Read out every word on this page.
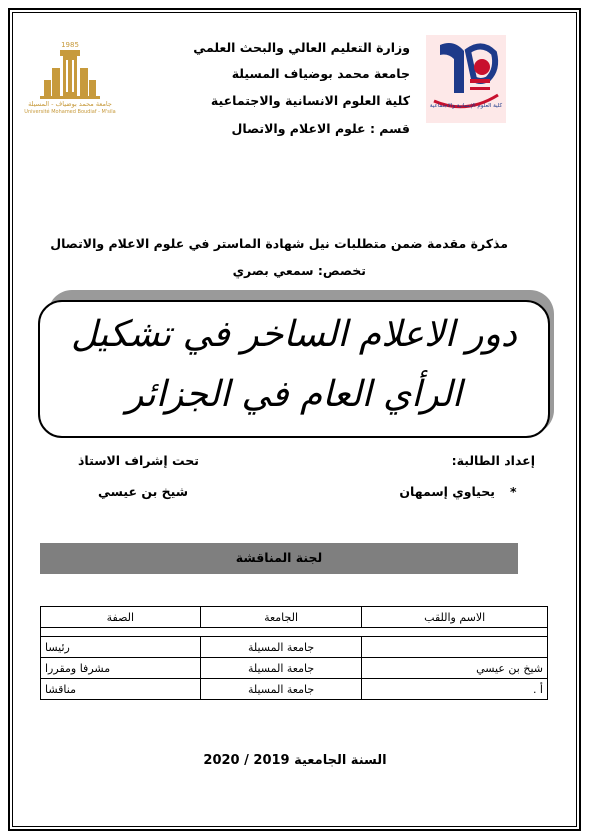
1985
جامعة محمد بوضياف - المسيلة
Université Mohamed Boudiaf - M'sila
وزارة التعليم العالي والبحث العلمي
جامعة محمد بوضياف المسيلة
كلية العلوم الانسانية والاجتماعية
قسم : علوم الاعلام والاتصال
كلية العلوم الإنسانية والاجتماعية
مذكرة مقدمة ضمن متطلبات نيل شهادة الماستر في علوم الاعلام والاتصال
تخصص: سمعي بصري
دور الاعلام الساخر في تشكيل
الرأي العام في الجزائر
إعداد الطالبة:
*
يحياوي إسمهان
تحت إشراف الاستاذ
شيخ بن عيسي
لجنة المناقشة
الاسم واللقب	الجامعة	الصفة

	جامعة المسيلة	رئيسا
شيخ بن عيسي	جامعة المسيلة	مشرفا ومقررا
أ .	جامعة المسيلة	مناقشا
السنة الجامعية 2019 / 2020
